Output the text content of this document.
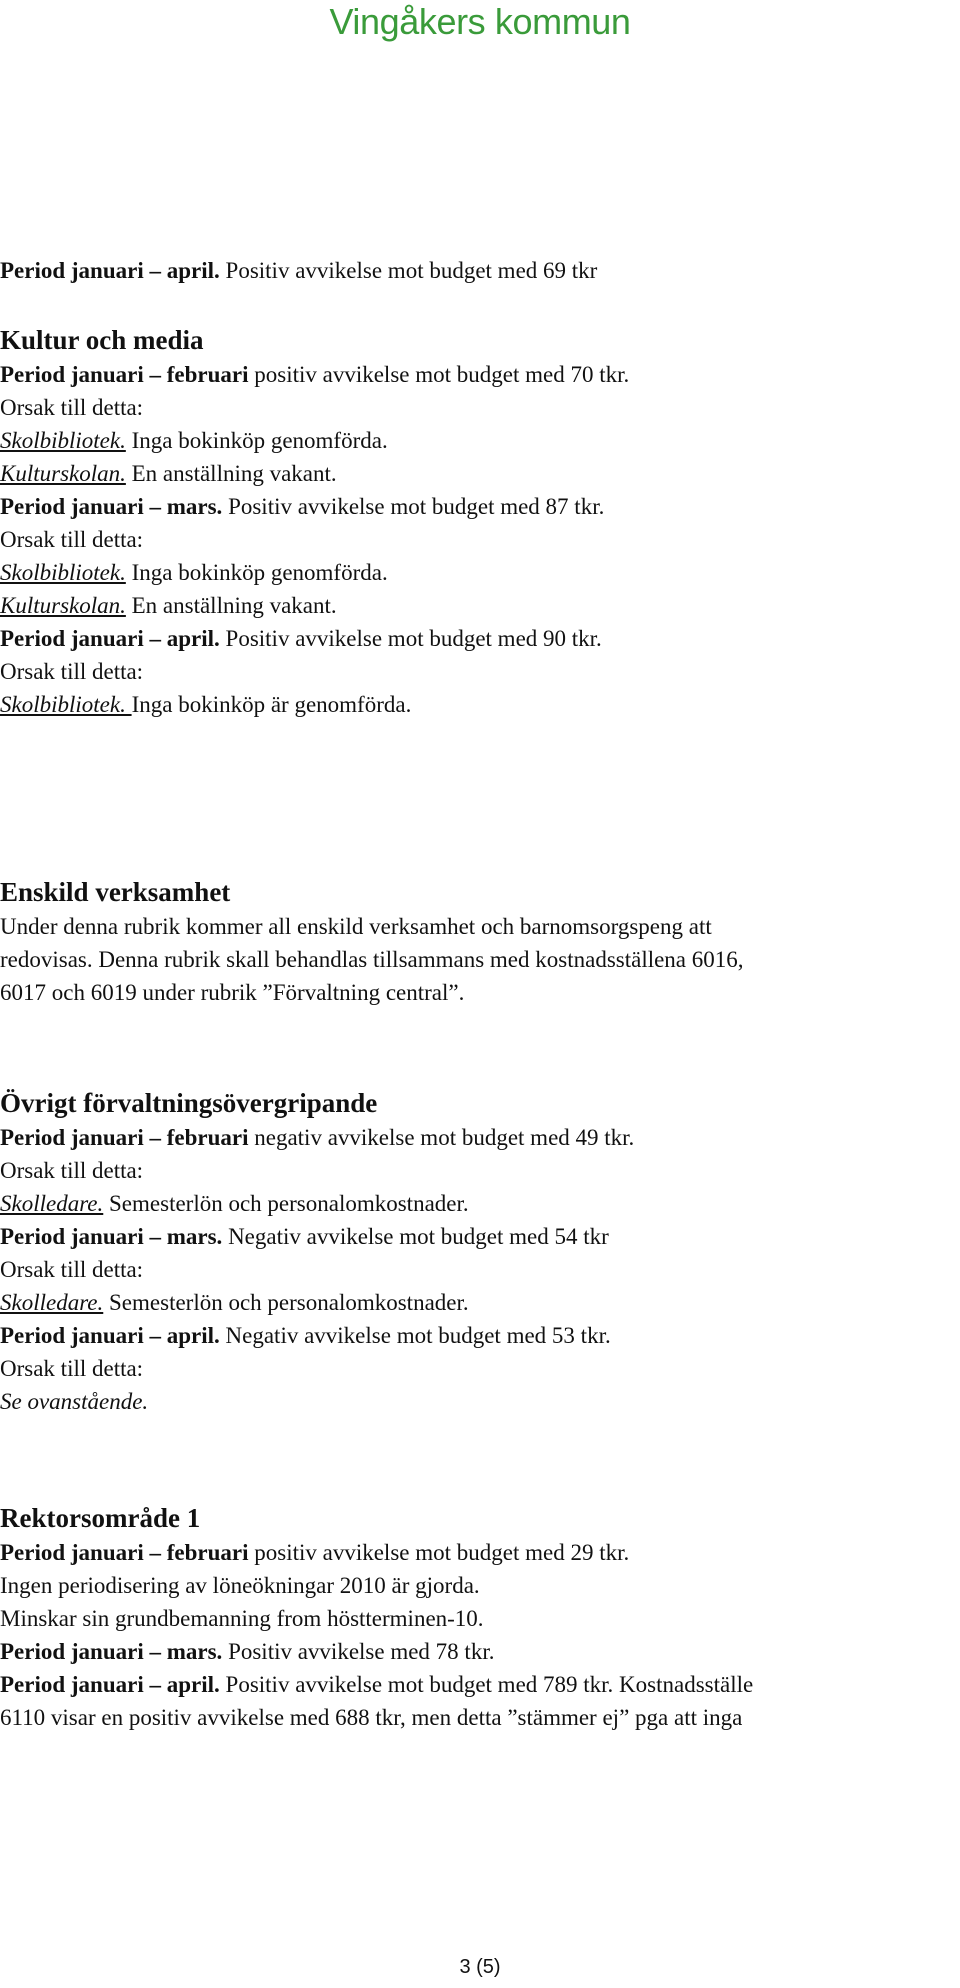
Vingåkers kommun

Period januari – april. Positiv avvikelse mot budget med 69 tkr

Kultur och media

Period januari – februari positiv avvikelse mot budget med 70 tkr.

Orsak till detta:

Skolbibliotek. Inga bokinköp genomförda.

Kulturskolan. En anställning vakant.

Period januari – mars. Positiv avvikelse mot budget med 87 tkr.

Orsak till detta:

Skolbibliotek. Inga bokinköp genomförda.

Kulturskolan. En anställning vakant.

Period januari – april. Positiv avvikelse mot budget med 90 tkr.

Orsak till detta:

Skolbibliotek. Inga bokinköp är genomförda.

Enskild verksamhet

Under denna rubrik kommer all enskild verksamhet och barnomsorgspeng att

redovisas. Denna rubrik skall behandlas tillsammans med kostnadsställena 6016,

6017 och 6019 under rubrik ”Förvaltning central”.

Övrigt förvaltningsövergripande

Period januari – februari negativ avvikelse mot budget med 49 tkr.

Orsak till detta:

Skolledare. Semesterlön och personalomkostnader.

Period januari – mars. Negativ avvikelse mot budget med 54 tkr

Orsak till detta:

Skolledare. Semesterlön och personalomkostnader.

Period januari – april. Negativ avvikelse mot budget med 53 tkr.

Orsak till detta:

Se ovanstående.

Rektorsområde 1

Period januari – februari positiv avvikelse mot budget med 29 tkr.

Ingen periodisering av löneökningar 2010 är gjorda.

Minskar sin grundbemanning from höstterminen-10.

Period januari – mars. Positiv avvikelse med 78 tkr.

Period januari – april. Positiv avvikelse mot budget med 789 tkr. Kostnadsställe

6110 visar en positiv avvikelse med 688 tkr, men detta ”stämmer ej” pga att inga

3 (5)
